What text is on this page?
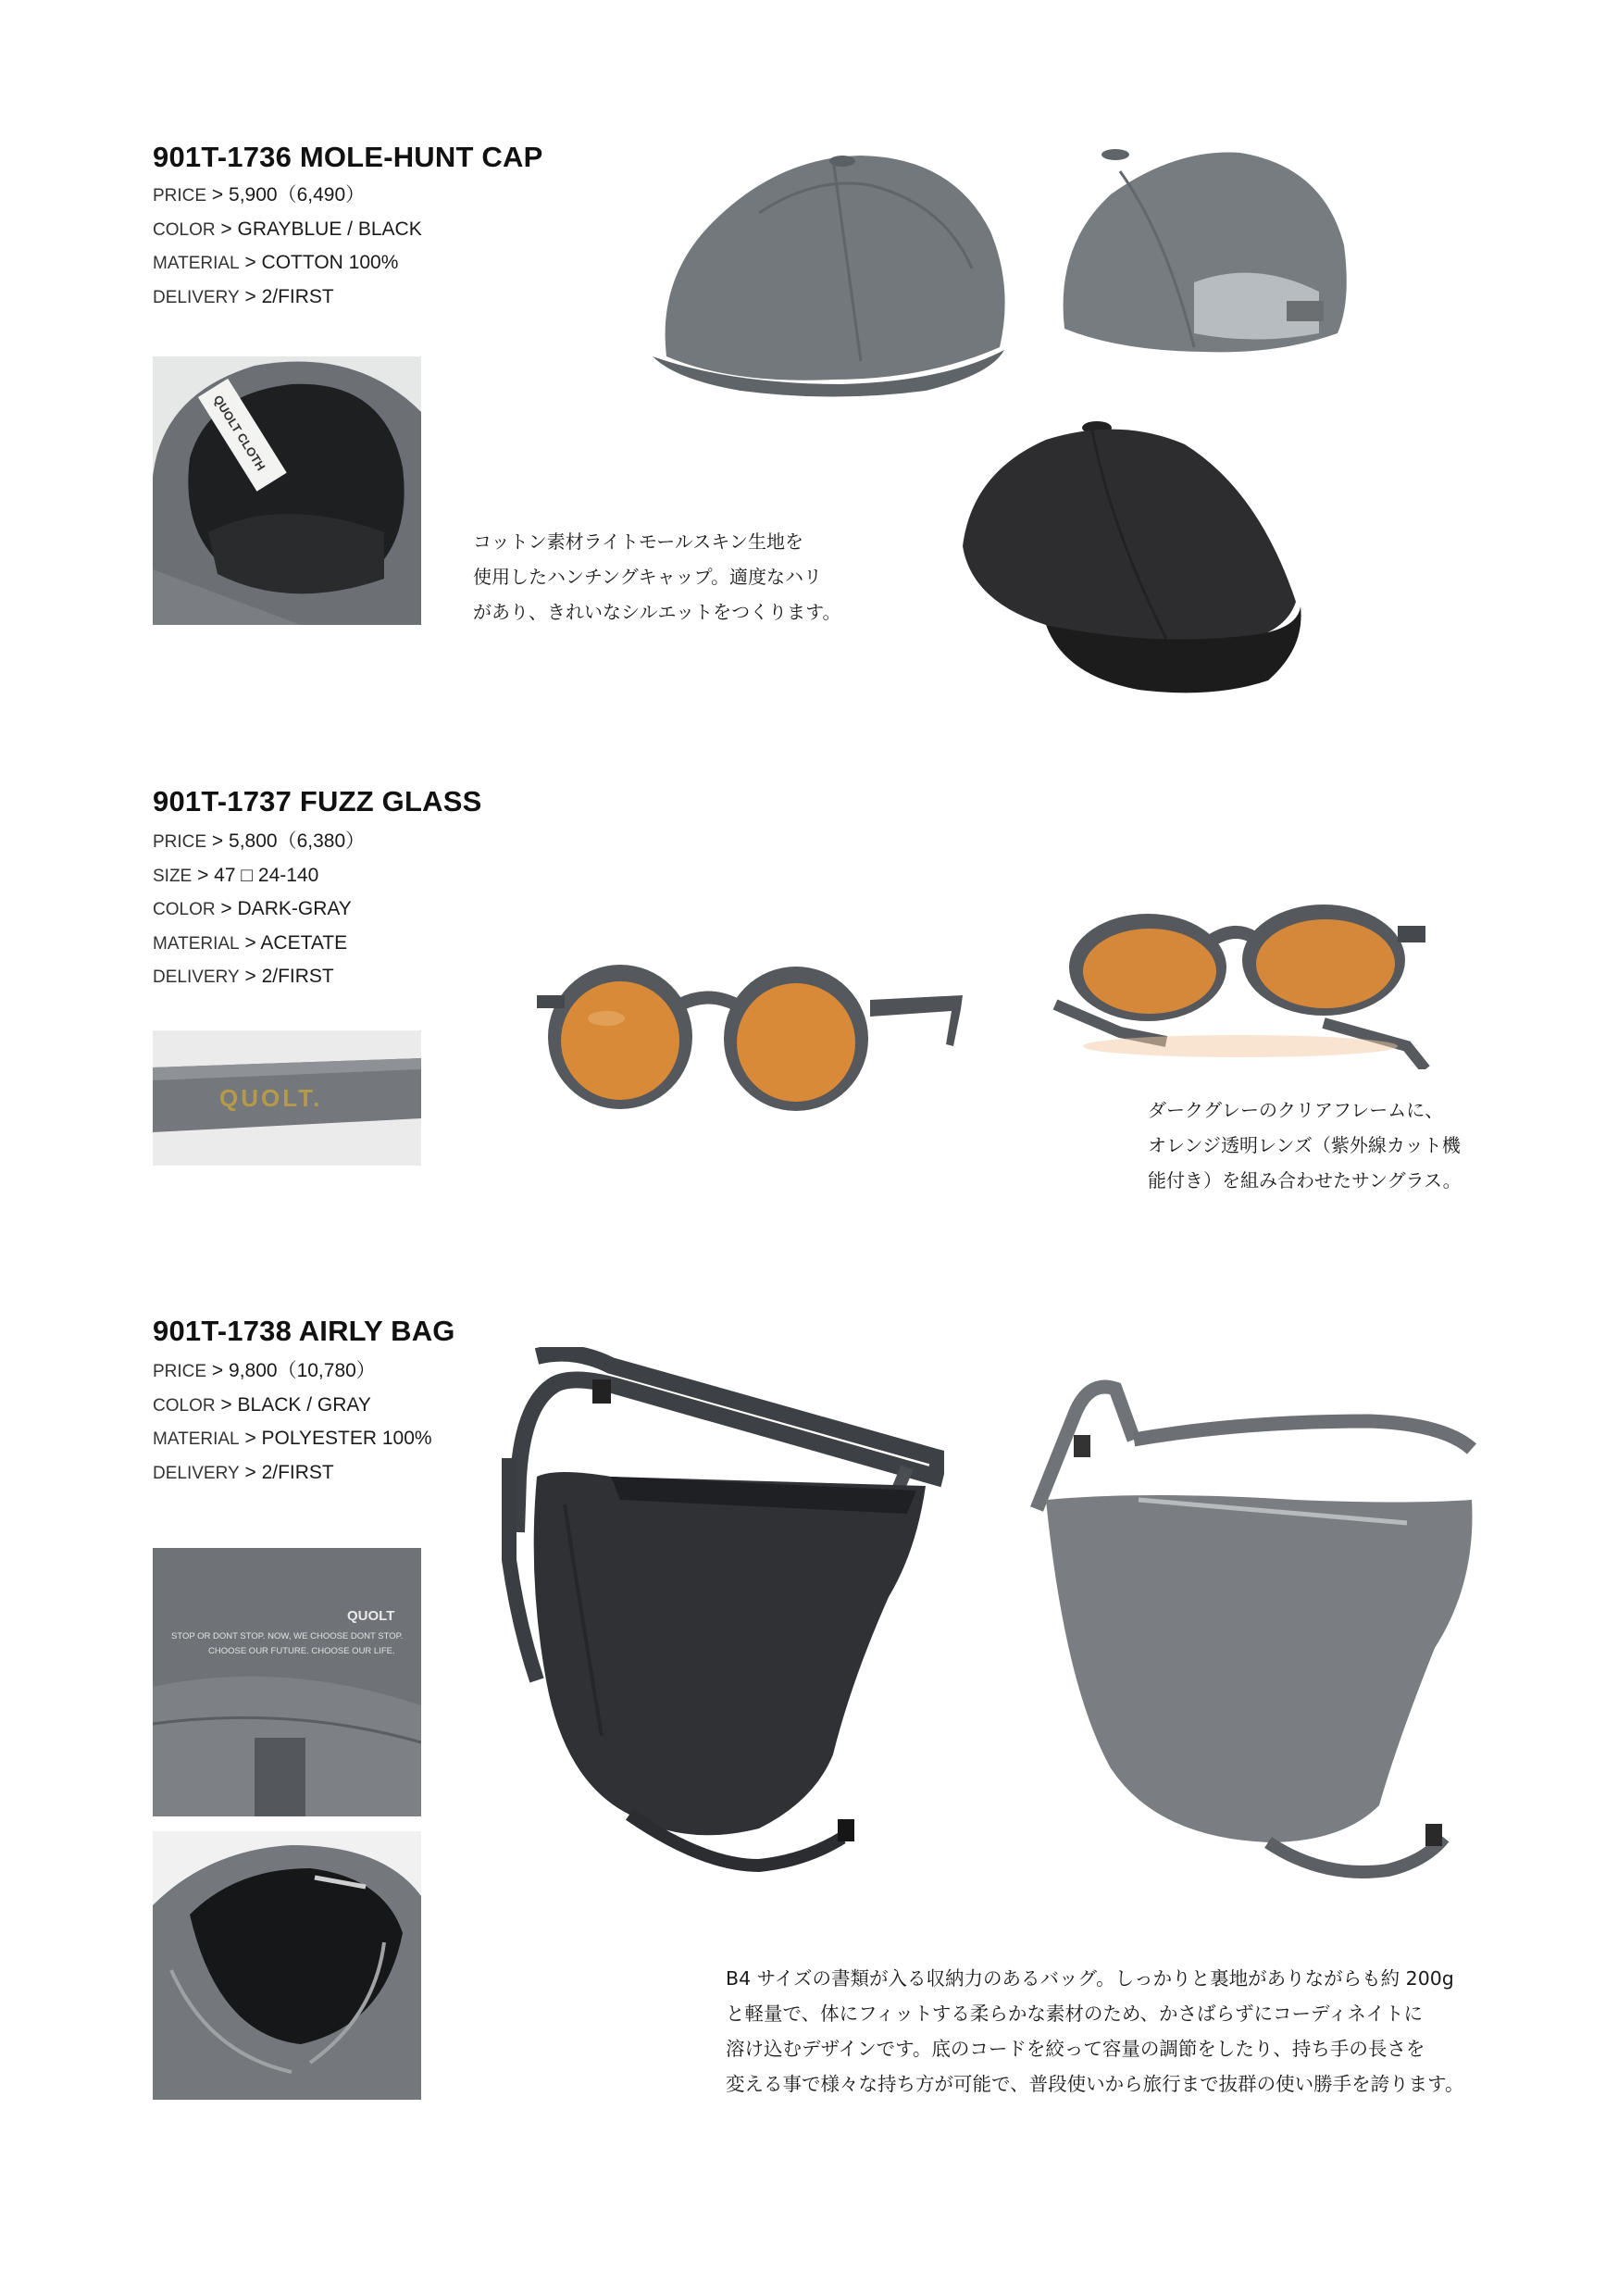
901T-1736 MOLE-HUNT CAP
PRICE > 5,900（6,490）
COLOR > GRAYBLUE / BLACK
MATERIAL > COTTON 100%
DELIVERY > 2/FIRST
QUOLT CLOTH
コットン素材ライトモールスキン生地を
使用したハンチングキャップ。適度なハリ
があり、きれいなシルエットをつくります。
901T-1737 FUZZ GLASS
PRICE > 5,800（6,380）
SIZE > 47 □ 24-140
COLOR > DARK-GRAY
MATERIAL > ACETATE
DELIVERY > 2/FIRST
QUOLT.	ダークグレーのクリアフレームに、
オレンジ透明レンズ（紫外線カット機
能付き）を組み合わせたサングラス。
901T-1738 AIRLY BAG
PRICE > 9,800（10,780）
COLOR > BLACK / GRAY
MATERIAL > POLYESTER 100%
DELIVERY > 2/FIRST
QUOLT
STOP OR DONT STOP. NOW, WE CHOOSE DONT STOP.
CHOOSE OUR FUTURE. CHOOSE OUR LIFE.
B4 サイズの書類が入る収納力のあるバッグ。しっかりと裏地がありながらも約 200g
と軽量で、体にフィットする柔らかな素材のため、かさばらずにコーディネイトに
溶け込むデザインです。底のコードを絞って容量の調節をしたり、持ち手の長さを
変える事で様々な持ち方が可能で、普段使いから旅行まで抜群の使い勝手を誇ります。
